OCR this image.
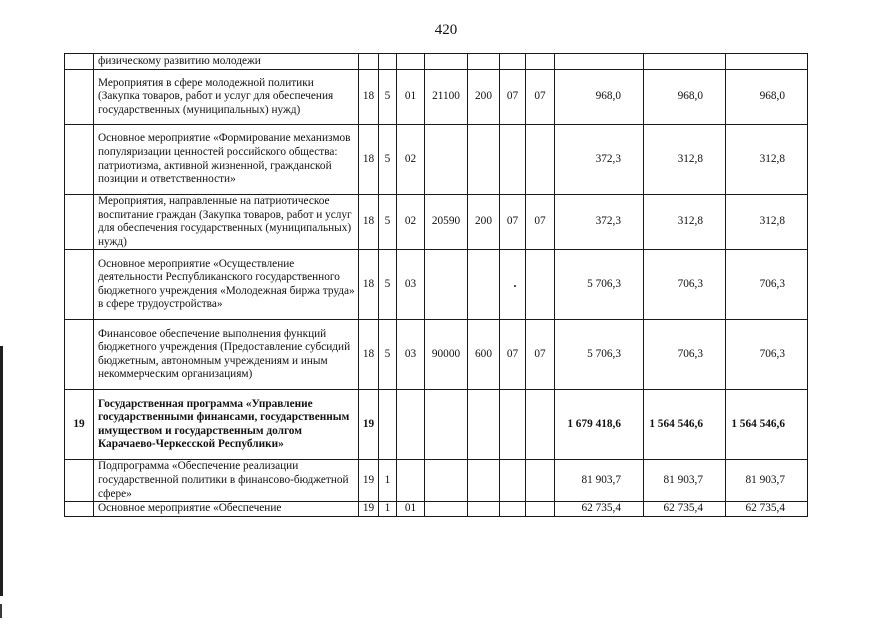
420
	физическому развитию молодежи										
	Мероприятия в сфере молодежной политики (Закупка товаров, работ и услуг для обеспечения государственных (муниципальных) нужд)	18	5	01	21100	200	07	07	968,0	968,0	968,0
	Основное мероприятие «Формирование механизмов популяризации ценностей российского общества: патриотизма, активной жизненной, гражданской позиции и ответственности»	18	5	02					372,3	312,8	312,8
	Мероприятия, направленные на патриотическое воспитание граждан (Закупка товаров, работ и услуг для обеспечения государственных (муниципальных) нужд)	18	5	02	20590	200	07	07	372,3	312,8	312,8
	Основное мероприятие «Осуществление деятельности Республиканского государственного бюджетного учреждения «Молодежная биржа труда» в сфере трудоустройства»	18	5	03					5 706,3	706,3	706,3
	Финансовое обеспечение выполнения функций бюджетного учреждения (Предоставление субсидий бюджетным, автономным учреждениям и иным некоммерческим организациям)	18	5	03	90000	600	07	07	5 706,3	706,3	706,3
19	Государственная программа «Управление государственными финансами, государственным имуществом и государственным долгом Карачаево-Черкесской Республики»	19							1 679 418,6	1 564 546,6	1 564 546,6
	Подпрограмма «Обеспечение реализации государственной политики в финансово-бюджетной сфере»	19	1						81 903,7	81 903,7	81 903,7
	Основное мероприятие «Обеспечение	19	1	01					62 735,4	62 735,4	62 735,4
